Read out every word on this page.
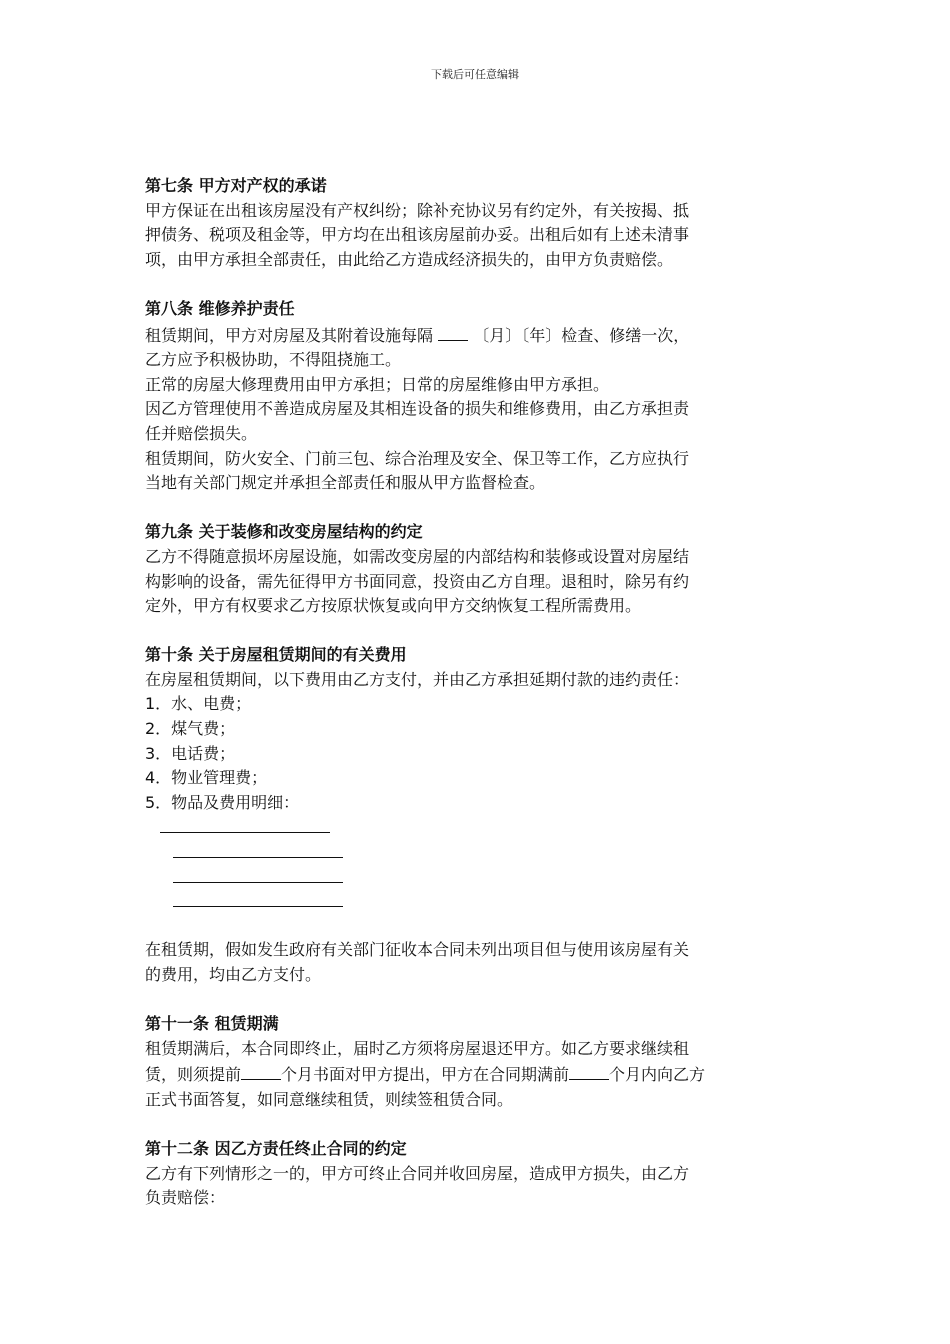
下载后可任意编辑
第七条 甲方对产权的承诺

甲方保证在出租该房屋没有产权纠纷；除补充协议另有约定外，有关按揭、抵

押债务、税项及租金等，甲方均在出租该房屋前办妥。出租后如有上述未清事

项，由甲方承担全部责任，由此给乙方造成经济损失的，由甲方负责赔偿。

第八条 维修养护责任

租赁期间，甲方对房屋及其附着设施每隔	〔月〕〔年〕检查、修缮一次，

乙方应予积极协助，不得阻挠施工。

正常的房屋大修理费用由甲方承担；日常的房屋维修由甲方承担。

因乙方管理使用不善造成房屋及其相连设备的损失和维修费用，由乙方承担责

任并赔偿损失。

租赁期间，防火安全、门前三包、综合治理及安全、保卫等工作，乙方应执行

当地有关部门规定并承担全部责任和服从甲方监督检查。

第九条 关于装修和改变房屋结构的约定

乙方不得随意损坏房屋设施，如需改变房屋的内部结构和装修或设置对房屋结

构影响的设备，需先征得甲方书面同意，投资由乙方自理。退租时，除另有约

定外，甲方有权要求乙方按原状恢复或向甲方交纳恢复工程所需费用。

第十条 关于房屋租赁期间的有关费用

在房屋租赁期间，以下费用由乙方支付，并由乙方承担延期付款的违约责任：

1．水、电费；

2．煤气费；

3．电话费；

4．物业管理费；

5．物品及费用明细：

在租赁期，假如发生政府有关部门征收本合同未列出项目但与使用该房屋有关

的费用，均由乙方支付。

第十一条 租赁期满

租赁期满后，本合同即终止，届时乙方须将房屋退还甲方。如乙方要求继续租

赁，则须提前	个月书面对甲方提出，甲方在合同期满前	个月内向乙方

正式书面答复，如同意继续租赁，则续签租赁合同。

第十二条 因乙方责任终止合同的约定

乙方有下列情形之一的，甲方可终止合同并收回房屋，造成甲方损失，由乙方

负责赔偿：
